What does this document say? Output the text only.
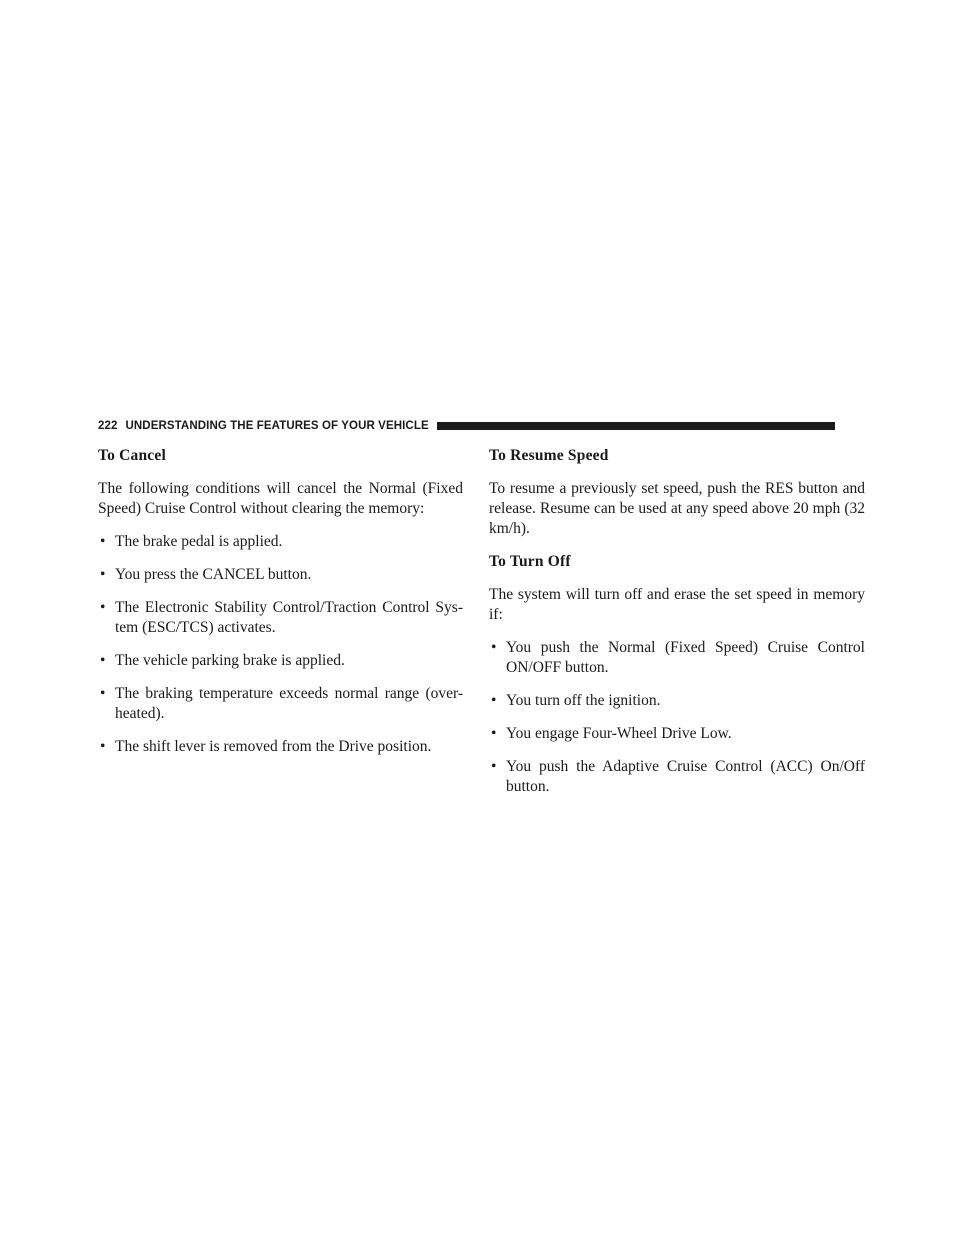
222 UNDERSTANDING THE FEATURES OF YOUR VEHICLE

To Cancel

The following conditions will cancel the Normal (Fixed Speed) Cruise Control without clearing the memory:

• The brake pedal is applied.
• You press the CANCEL button.
• The Electronic Stability Control/Traction Control Sys-tem (ESC/TCS) activates.
• The vehicle parking brake is applied.
• The braking temperature exceeds normal range (over-heated).
• The shift lever is removed from the Drive position.

To Resume Speed

To resume a previously set speed, push the RES button and release. Resume can be used at any speed above 20 mph (32 km/h).

To Turn Off

The system will turn off and erase the set speed in memory if:

• You push the Normal (Fixed Speed) Cruise Control ON/OFF button.
• You turn off the ignition.
• You engage Four-Wheel Drive Low.
• You push the Adaptive Cruise Control (ACC) On/Off button.
